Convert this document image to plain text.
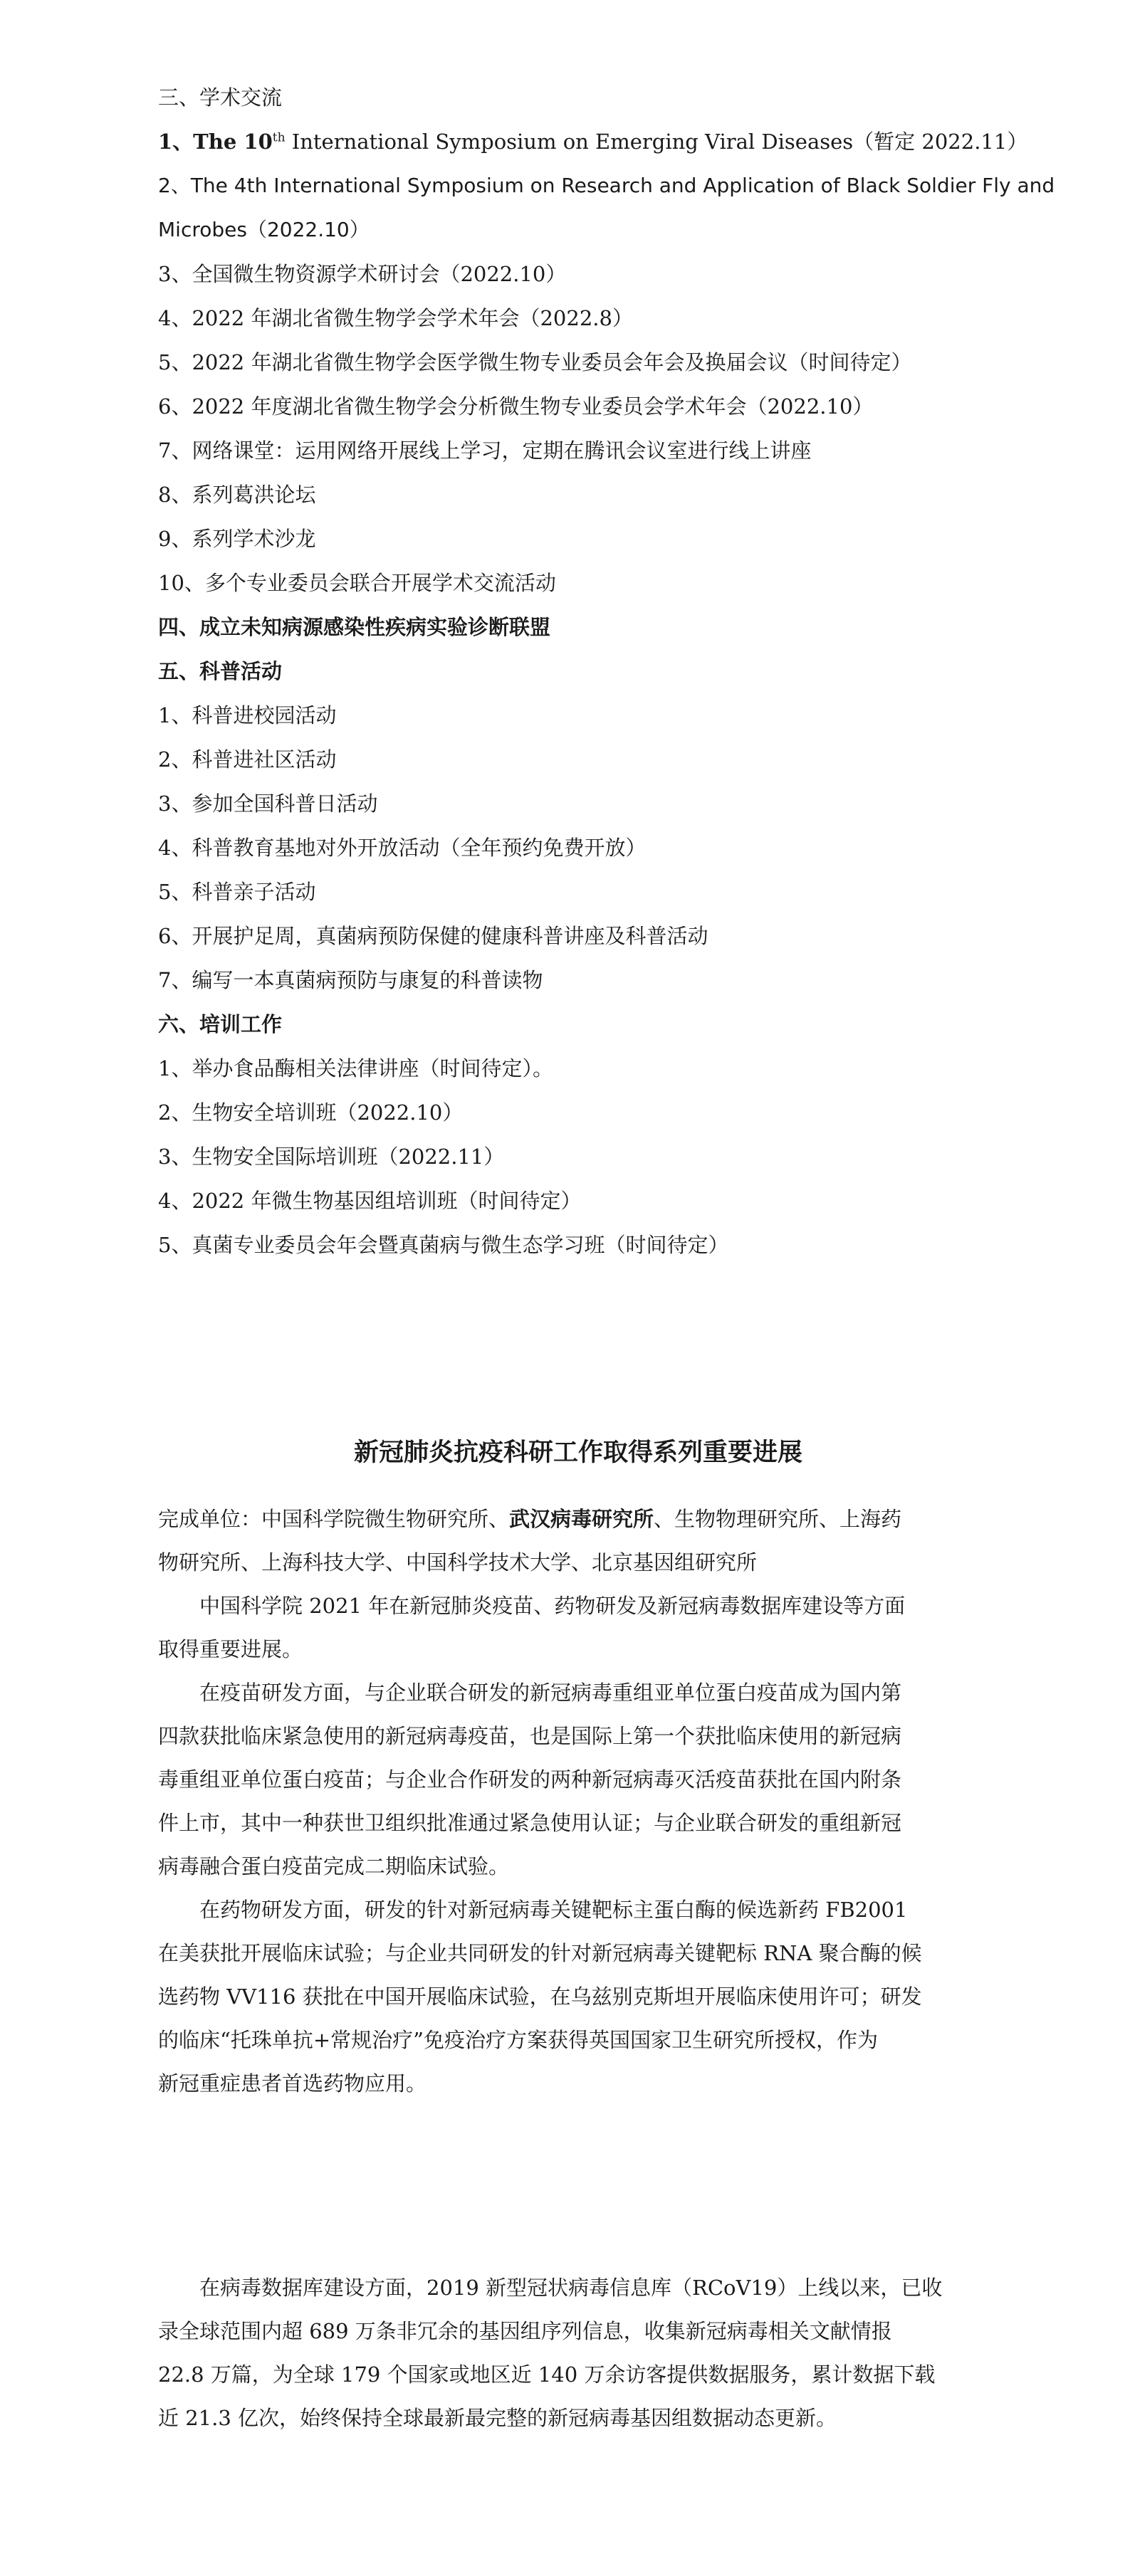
三、学术交流

1、The 10th International Symposium on Emerging Viral Diseases（暂定 2022.11）

2、The 4th International Symposium on Research and Application of Black Soldier Fly and

Microbes（2022.10）

3、全国微生物资源学术研讨会（2022.10）

4、2022 年湖北省微生物学会学术年会（2022.8）

5、2022 年湖北省微生物学会医学微生物专业委员会年会及换届会议（时间待定）

6、2022 年度湖北省微生物学会分析微生物专业委员会学术年会（2022.10）

7、网络课堂：运用网络开展线上学习，定期在腾讯会议室进行线上讲座

8、系列葛洪论坛

9、系列学术沙龙

10、多个专业委员会联合开展学术交流活动

四、成立未知病源感染性疾病实验诊断联盟

五、科普活动

1、科普进校园活动

2、科普进社区活动

3、参加全国科普日活动

4、科普教育基地对外开放活动（全年预约免费开放）

5、科普亲子活动

6、开展护足周，真菌病预防保健的健康科普讲座及科普活动

7、编写一本真菌病预防与康复的科普读物

六、培训工作

1、举办食品酶相关法律讲座（时间待定）。

2、生物安全培训班（2022.10）

3、生物安全国际培训班（2022.11）

4、2022 年微生物基因组培训班（时间待定）

5、真菌专业委员会年会暨真菌病与微生态学习班（时间待定）

新冠肺炎抗疫科研工作取得系列重要进展

完成单位：中国科学院微生物研究所、武汉病毒研究所、生物物理研究所、上海药
物研究所、上海科技大学、中国科学技术大学、北京基因组研究所

中国科学院 2021 年在新冠肺炎疫苗、药物研发及新冠病毒数据库建设等方面
取得重要进展。

在疫苗研发方面，与企业联合研发的新冠病毒重组亚单位蛋白疫苗成为国内第
四款获批临床紧急使用的新冠病毒疫苗，也是国际上第一个获批临床使用的新冠病
毒重组亚单位蛋白疫苗；与企业合作研发的两种新冠病毒灭活疫苗获批在国内附条
件上市，其中一种获世卫组织批准通过紧急使用认证；与企业联合研发的重组新冠
病毒融合蛋白疫苗完成二期临床试验。

在药物研发方面，研发的针对新冠病毒关键靶标主蛋白酶的候选新药 FB2001
在美获批开展临床试验；与企业共同研发的针对新冠病毒关键靶标 RNA 聚合酶的候
选药物 VV116 获批在中国开展临床试验，在乌兹别克斯坦开展临床使用许可；研发
的临床“托珠单抗+常规治疗”免疫治疗方案获得英国国家卫生研究所授权，作为
新冠重症患者首选药物应用。

在病毒数据库建设方面，2019 新型冠状病毒信息库（RCoV19）上线以来，已收
录全球范围内超 689 万条非冗余的基因组序列信息，收集新冠病毒相关文献情报
22.8 万篇，为全球 179 个国家或地区近 140 万余访客提供数据服务，累计数据下载
近 21.3 亿次，始终保持全球最新最完整的新冠病毒基因组数据动态更新。
